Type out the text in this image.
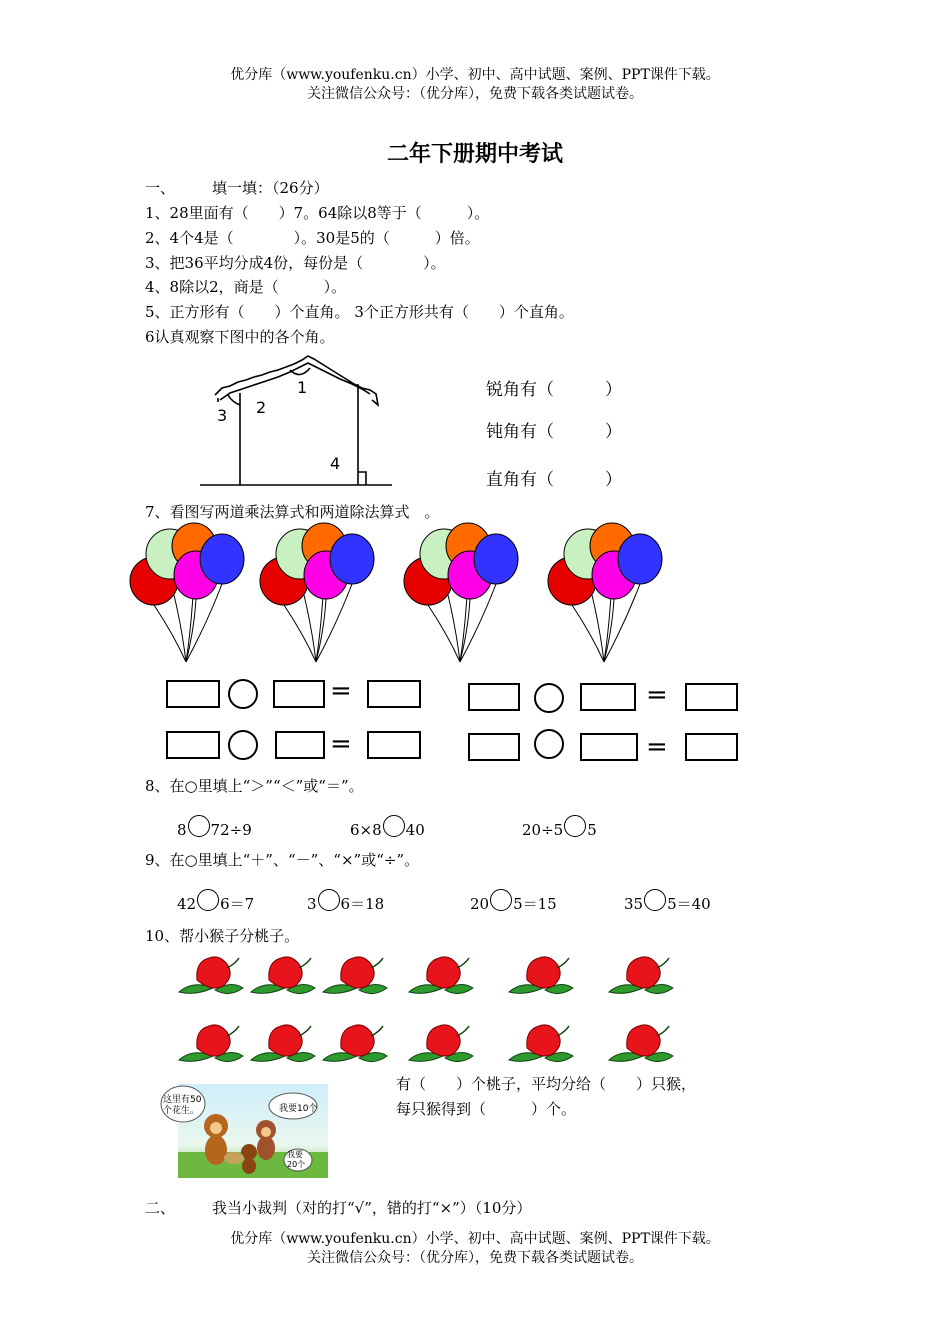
优分库（www.youfenku.cn）小学、初中、高中试题、案例、PPT课件下载。
关注微信公众号：（优分库），免费下载各类试题试卷。
二年下册期中考试
一、 填一填：（26分）
1、28里面有（　　）7。64除以8等于（　　　）。
2、4个4是（　　　　）。30是5的（　　　）倍。
3、把36平均分成4份，每份是（　　　　）。
4、8除以2，商是（　　　）。
5、正方形有（　　）个直角。 3个正方形共有（　　）个直角。
6认真观察下图中的各个角。
1
2
3
4
锐角有（　　　）
钝角有（　　　）
直角有（　　　）
7、看图写两道乘法算式和两道除法算式　。
=	=
=	=
8、在○里填上“＞”“＜”或“＝”。
8 72÷9	6×8 40	20÷5 5
9、在○里填上“＋”、“－”、“×”或“÷”。
42 6＝7	3 6＝18	20 5＝15	35 5＝40
10、帮小猴子分桃子。
这里有50个花生。	我要10个
我要20个
有（　　）个桃子，平均分给（　　）只猴，
每只猴得到（　　　）个。
二、 我当小裁判（对的打“√”，错的打“×”）（10分）
优分库（www.youfenku.cn）小学、初中、高中试题、案例、PPT课件下载。
关注微信公众号：（优分库），免费下载各类试题试卷。
